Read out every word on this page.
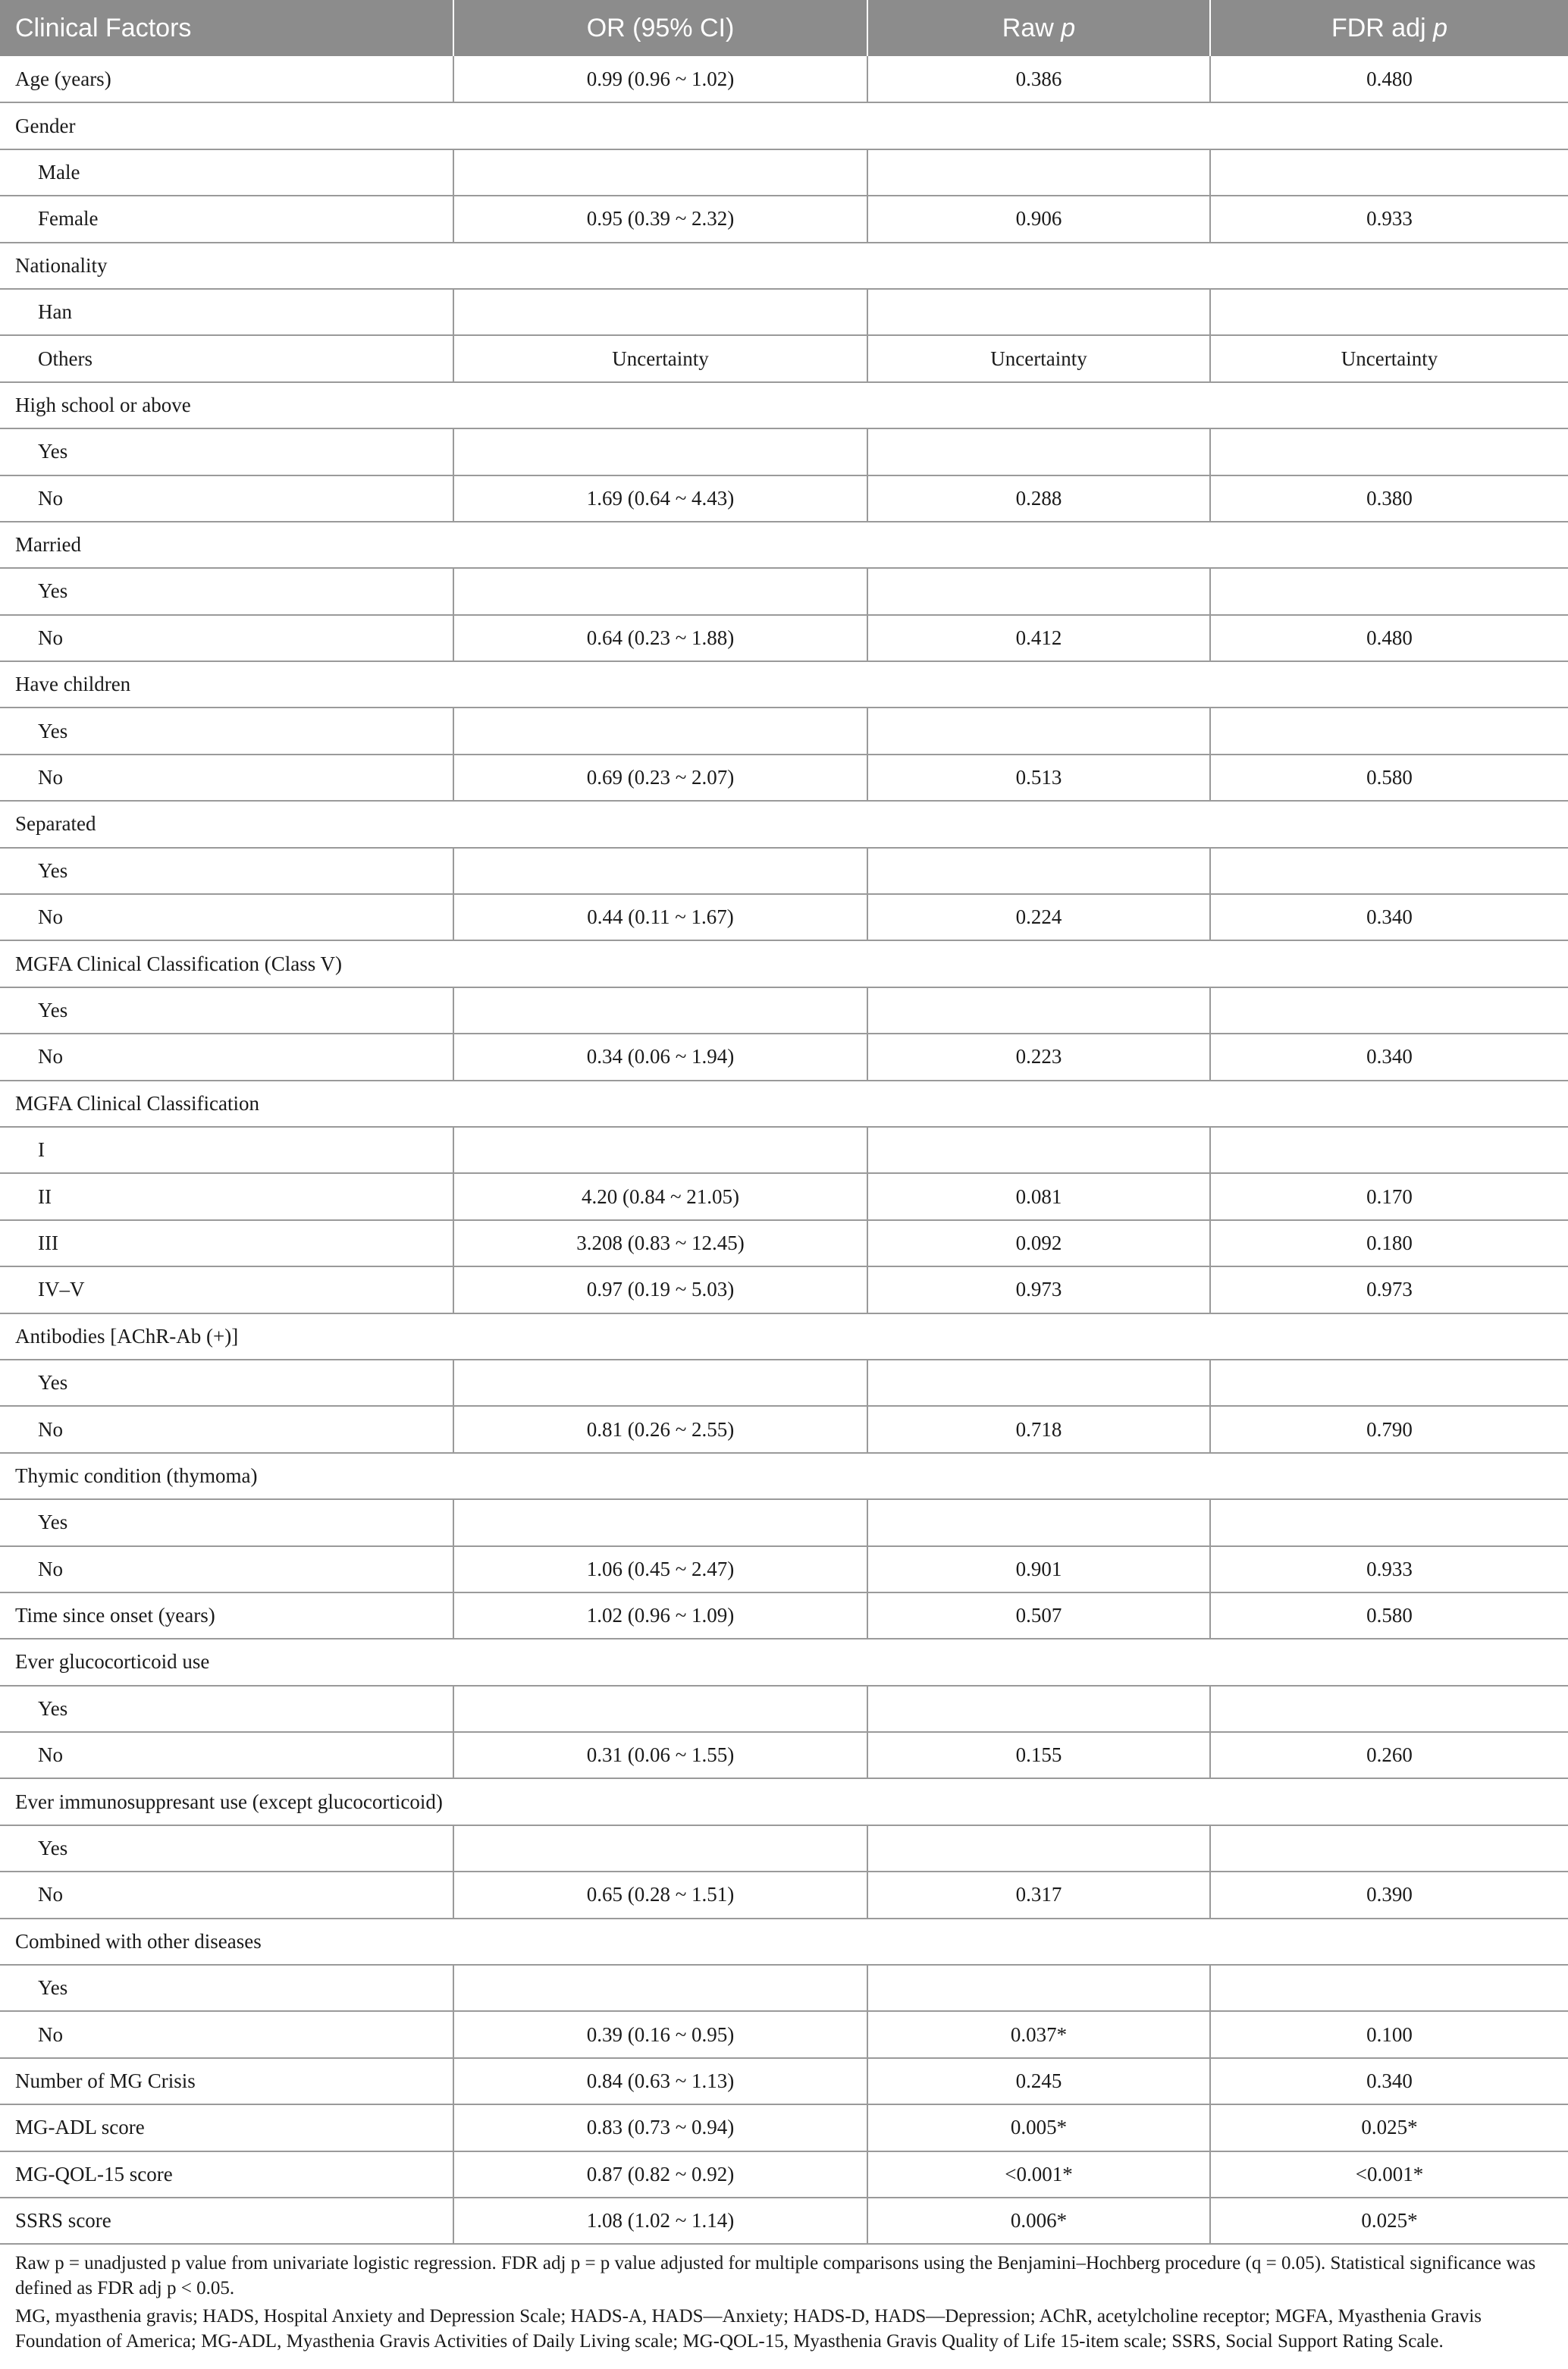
Clinical Factors	OR (95% CI)	Raw p	FDR adj p
Age (years)	0.99 (0.96 ~ 1.02)	0.386	0.480
Gender			
Male			
Female	0.95 (0.39 ~ 2.32)	0.906	0.933
Nationality			
Han			
Others	Uncertainty	Uncertainty	Uncertainty
High school or above			
Yes			
No	1.69 (0.64 ~ 4.43)	0.288	0.380
Married			
Yes			
No	0.64 (0.23 ~ 1.88)	0.412	0.480
Have children			
Yes			
No	0.69 (0.23 ~ 2.07)	0.513	0.580
Separated			
Yes			
No	0.44 (0.11 ~ 1.67)	0.224	0.340
MGFA Clinical Classification (Class V)			
Yes			
No	0.34 (0.06 ~ 1.94)	0.223	0.340
MGFA Clinical Classification			
I			
II	4.20 (0.84 ~ 21.05)	0.081	0.170
III	3.208 (0.83 ~ 12.45)	0.092	0.180
IV–V	0.97 (0.19 ~ 5.03)	0.973	0.973
Antibodies [AChR-Ab (+)]			
Yes			
No	0.81 (0.26 ~ 2.55)	0.718	0.790
Thymic condition (thymoma)			
Yes			
No	1.06 (0.45 ~ 2.47)	0.901	0.933
Time since onset (years)	1.02 (0.96 ~ 1.09)	0.507	0.580
Ever glucocorticoid use			
Yes			
No	0.31 (0.06 ~ 1.55)	0.155	0.260
Ever immunosuppresant use (except glucocorticoid)			
Yes			
No	0.65 (0.28 ~ 1.51)	0.317	0.390
Combined with other diseases			
Yes			
No	0.39 (0.16 ~ 0.95)	0.037*	0.100
Number of MG Crisis	0.84 (0.63 ~ 1.13)	0.245	0.340
MG-ADL score	0.83 (0.73 ~ 0.94)	0.005*	0.025*
MG-QOL-15 score	0.87 (0.82 ~ 0.92)	<0.001*	<0.001*
SSRS score	1.08 (1.02 ~ 1.14)	0.006*	0.025*

Raw p = unadjusted p value from univariate logistic regression. FDR adj p = p value adjusted for multiple comparisons using the Benjamini–Hochberg procedure (q = 0.05). Statistical significance was defined as FDR adj p < 0.05.

MG, myasthenia gravis; HADS, Hospital Anxiety and Depression Scale; HADS-A, HADS—Anxiety; HADS-D, HADS—Depression; AChR, acetylcholine receptor; MGFA, Myasthenia Gravis Foundation of America; MG-ADL, Myasthenia Gravis Activities of Daily Living scale; MG-QOL-15, Myasthenia Gravis Quality of Life 15-item scale; SSRS, Social Support Rating Scale.
